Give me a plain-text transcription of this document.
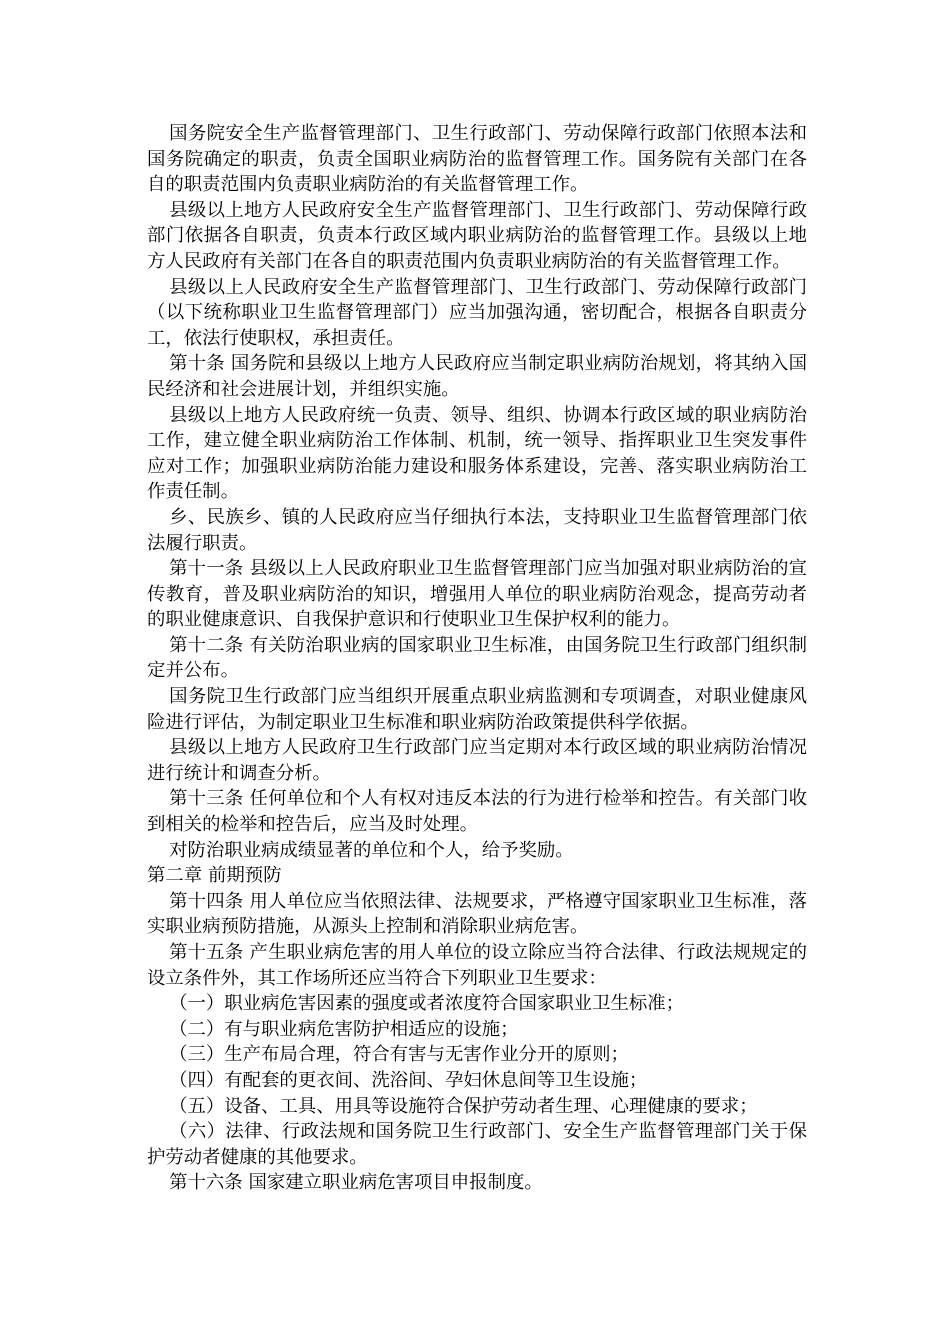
国务院安全生产监督管理部门、卫生行政部门、劳动保障行政部门依照本法和国务院确定的职责，负责全国职业病防治的监督管理工作。国务院有关部门在各自的职责范围内负责职业病防治的有关监督管理工作。

县级以上地方人民政府安全生产监督管理部门、卫生行政部门、劳动保障行政部门依据各自职责，负责本行政区域内职业病防治的监督管理工作。县级以上地方人民政府有关部门在各自的职责范围内负责职业病防治的有关监督管理工作。

县级以上人民政府安全生产监督管理部门、卫生行政部门、劳动保障行政部门（以下统称职业卫生监督管理部门）应当加强沟通，密切配合，根据各自职责分工，依法行使职权，承担责任。

第十条 国务院和县级以上地方人民政府应当制定职业病防治规划，将其纳入国民经济和社会进展计划，并组织实施。

县级以上地方人民政府统一负责、领导、组织、协调本行政区域的职业病防治工作，建立健全职业病防治工作体制、机制，统一领导、指挥职业卫生突发事件应对工作；加强职业病防治能力建设和服务体系建设，完善、落实职业病防治工作责任制。

乡、民族乡、镇的人民政府应当仔细执行本法，支持职业卫生监督管理部门依法履行职责。

第十一条 县级以上人民政府职业卫生监督管理部门应当加强对职业病防治的宣传教育，普及职业病防治的知识，增强用人单位的职业病防治观念，提高劳动者的职业健康意识、自我保护意识和行使职业卫生保护权利的能力。

第十二条 有关防治职业病的国家职业卫生标准，由国务院卫生行政部门组织制定并公布。

国务院卫生行政部门应当组织开展重点职业病监测和专项调查，对职业健康风险进行评估，为制定职业卫生标准和职业病防治政策提供科学依据。

县级以上地方人民政府卫生行政部门应当定期对本行政区域的职业病防治情况进行统计和调查分析。

第十三条 任何单位和个人有权对违反本法的行为进行检举和控告。有关部门收到相关的检举和控告后，应当及时处理。

对防治职业病成绩显著的单位和个人，给予奖励。

第二章 前期预防

第十四条 用人单位应当依照法律、法规要求，严格遵守国家职业卫生标准，落实职业病预防措施，从源头上控制和消除职业病危害。

第十五条 产生职业病危害的用人单位的设立除应当符合法律、行政法规规定的设立条件外，其工作场所还应当符合下列职业卫生要求：

（一）职业病危害因素的强度或者浓度符合国家职业卫生标准；

（二）有与职业病危害防护相适应的设施；

（三）生产布局合理，符合有害与无害作业分开的原则；

（四）有配套的更衣间、洗浴间、孕妇休息间等卫生设施；

（五）设备、工具、用具等设施符合保护劳动者生理、心理健康的要求；

（六）法律、行政法规和国务院卫生行政部门、安全生产监督管理部门关于保护劳动者健康的其他要求。

第十六条 国家建立职业病危害项目申报制度。
